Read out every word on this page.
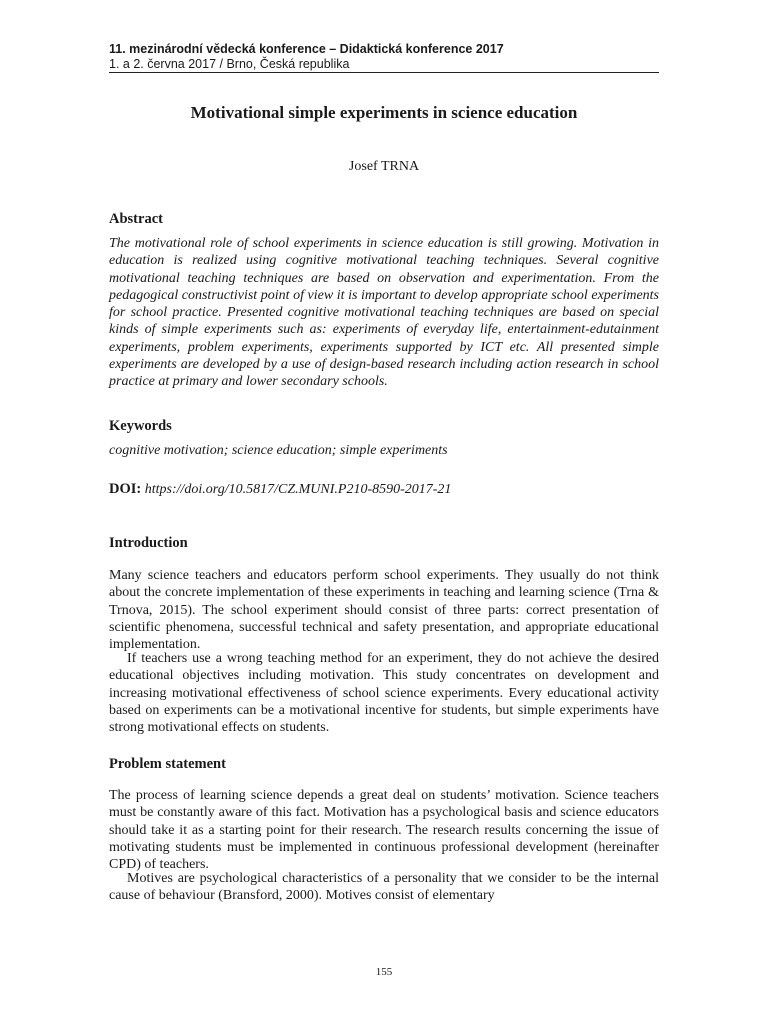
11. mezinárodní vědecká konference – Didaktická konference 2017
1. a 2. června 2017 / Brno, Česká republika
Motivational simple experiments in science education
Josef TRNA
Abstract
The motivational role of school experiments in science education is still growing. Motivation in education is realized using cognitive motivational teaching techniques. Several cognitive motivational teaching techniques are based on observation and experimentation. From the pedagogical constructivist point of view it is important to develop appropriate school experiments for school practice. Presented cognitive motivational teaching techniques are based on special kinds of simple experiments such as: experiments of everyday life, entertainment-edutainment experiments, problem experiments, experiments supported by ICT etc. All presented simple experiments are developed by a use of design-based research including action research in school practice at primary and lower secondary schools.
Keywords
cognitive motivation; science education; simple experiments
DOI: https://doi.org/10.5817/CZ.MUNI.P210-8590-2017-21
Introduction
Many science teachers and educators perform school experiments. They usually do not think about the concrete implementation of these experiments in teaching and learning science (Trna & Trnova, 2015). The school experiment should consist of three parts: correct presentation of scientific phenomena, successful technical and safety presentation, and appropriate educational implementation.
If teachers use a wrong teaching method for an experiment, they do not achieve the desired educational objectives including motivation. This study concentrates on development and increasing motivational effectiveness of school science experiments. Every educational activity based on experiments can be a motivational incentive for students, but simple experiments have strong motivational effects on students.
Problem statement
The process of learning science depends a great deal on students’ motivation. Science teachers must be constantly aware of this fact. Motivation has a psychological basis and science educators should take it as a starting point for their research. The research results concerning the issue of motivating students must be implemented in continuous professional development (hereinafter CPD) of teachers.
Motives are psychological characteristics of a personality that we consider to be the internal cause of behaviour (Bransford, 2000). Motives consist of elementary
155
